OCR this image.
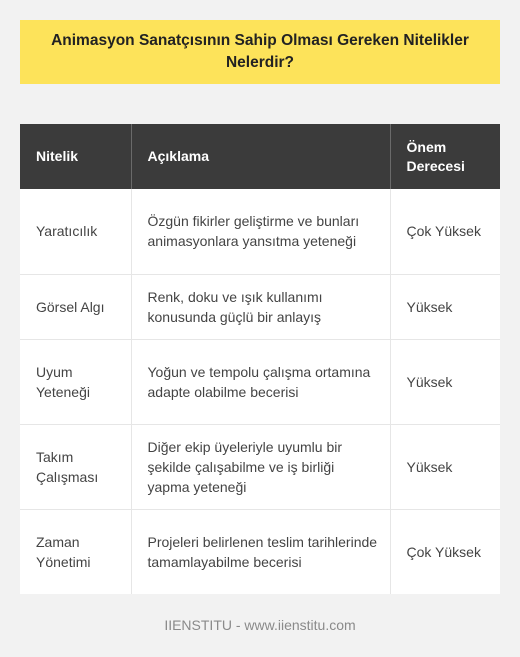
Animasyon Sanatçısının Sahip Olması Gereken Nitelikler Nelerdir?
Nitelik	Açıklama	Önem Derecesi
Yaratıcılık	Özgün fikirler geliştirme ve bunları animasyonlara yansıtma yeteneği	Çok Yüksek
Görsel Algı	Renk, doku ve ışık kullanımı konusunda güçlü bir anlayış	Yüksek
Uyum Yeteneği	Yoğun ve tempolu çalışma ortamına adapte olabilme becerisi	Yüksek
Takım Çalışması	Diğer ekip üyeleriyle uyumlu bir şekilde çalışabilme ve iş birliği yapma yeteneği	Yüksek
Zaman Yönetimi	Projeleri belirlenen teslim tarihlerinde tamamlayabilme becerisi	Çok Yüksek
IIENSTITU - www.iienstitu.com
